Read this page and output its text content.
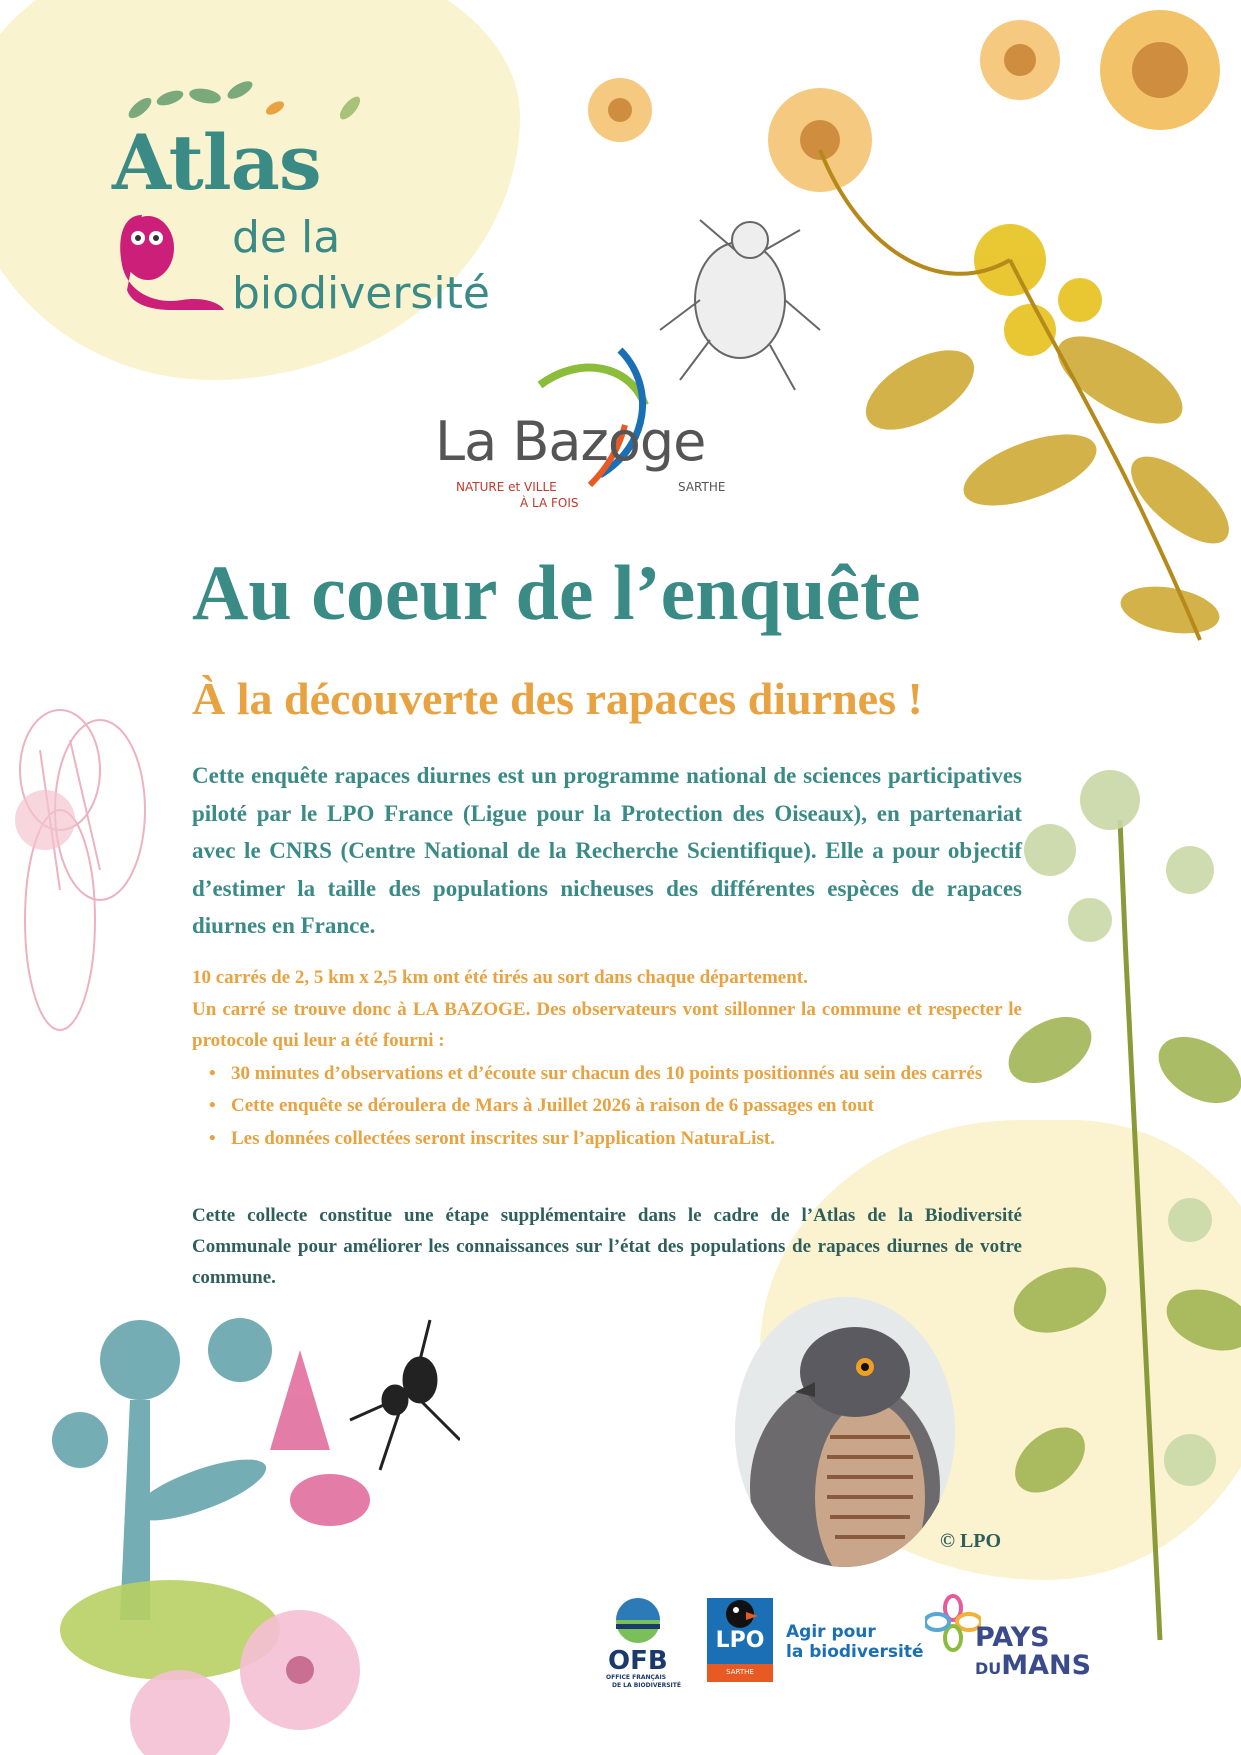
Atlas
de la
biodiversité
La Bazoge
NATURE et VILLE
À LA FOIS
SARTHE
Au coeur de l’enquête
À la découverte des rapaces diurnes !
Cette enquête rapaces diurnes est un programme national de sciences participatives piloté par le LPO France (Ligue pour la Protection des Oiseaux), en partenariat avec le CNRS (Centre National de la Recherche Scientifique). Elle a pour objectif d’estimer la taille des populations nicheuses des différentes espèces de rapaces diurnes en France.

10 carrés de 2, 5 km x 2,5 km ont été tirés au sort dans chaque département.

Un carré se trouve donc à LA BAZOGE. Des observateurs vont sillonner la commune et respecter le protocole qui leur a été fourni :

• 30 minutes d’observations et d’écoute sur chacun des 10 points positionnés au sein des carrés
• Cette enquête se déroulera de Mars à Juillet 2026 à raison de 6 passages en tout
• Les données collectées seront inscrites sur l’application NaturaList.
Cette collecte constitue une étape supplémentaire dans le cadre de l’Atlas de la Biodiversité Communale pour améliorer les connaissances sur l’état des populations de rapaces diurnes de votre commune.
© LPO
OFB
OFFICE FRANÇAIS
DE LA BIODIVERSITÉ
LPO
SARTHE
Agir pour
la biodiversité PAYS
DUMANS
